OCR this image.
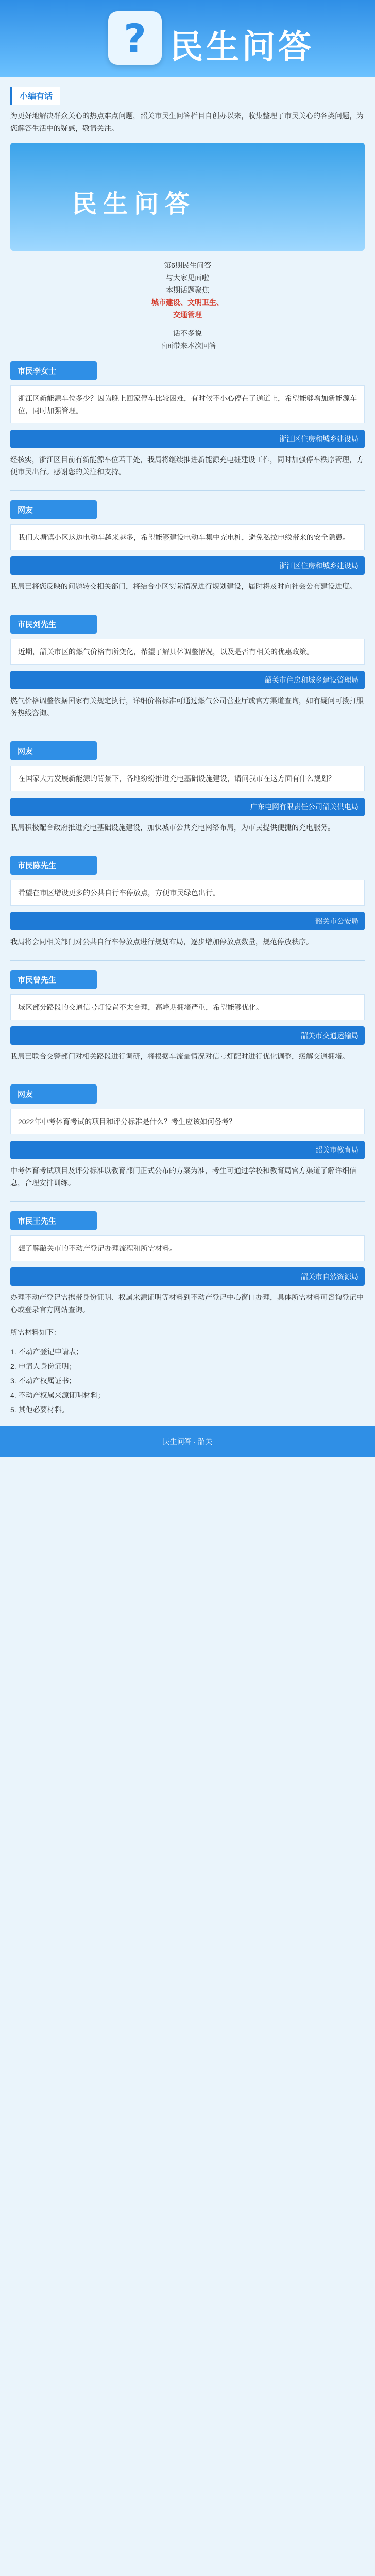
? 民生问答
小编有话

为更好地解决群众关心的热点难点问题，韶关市民生问答栏目自创办以来，收集整理了市民关心的各类问题，为您解答生活中的疑惑，敬请关注。

民生问答
第6期民生问答
与大家见面啦
本期话题聚焦
城市建设、文明卫生、
交通管理
话不多说
下面带来本次回答
市民李女士
浙江区新能源车位多少？因为晚上回家停车比较困难，有时候不小心停在了通道上，希望能够增加新能源车位，同时加强管理。
浙江区住房和城乡建设局
经核实，浙江区目前有新能源车位若干处，我局将继续推进新能源充电桩建设工作，同时加强停车秩序管理，方便市民出行。感谢您的关注和支持。
网友
我们大塘镇小区这边电动车越来越多，希望能够建设电动车集中充电桩，避免私拉电线带来的安全隐患。
浙江区住房和城乡建设局
我局已将您反映的问题转交相关部门，将结合小区实际情况进行规划建设，届时将及时向社会公布建设进度。
市民刘先生
近期，韶关市区的燃气价格有所变化，希望了解具体调整情况，以及是否有相关的优惠政策。
韶关市住房和城乡建设管理局
燃气价格调整依据国家有关规定执行，详细价格标准可通过燃气公司营业厅或官方渠道查询，如有疑问可拨打服务热线咨询。
网友
在国家大力发展新能源的背景下，各地纷纷推进充电基础设施建设，请问我市在这方面有什么规划？
广东电网有限责任公司韶关供电局
我局积极配合政府推进充电基础设施建设，加快城市公共充电网络布局，为市民提供便捷的充电服务。
市民陈先生
希望在市区增设更多的公共自行车停放点，方便市民绿色出行。
韶关市公安局
我局将会同相关部门对公共自行车停放点进行规划布局，逐步增加停放点数量，规范停放秩序。
市民曾先生
城区部分路段的交通信号灯设置不太合理，高峰期拥堵严重，希望能够优化。
韶关市交通运输局
我局已联合交警部门对相关路段进行调研，将根据车流量情况对信号灯配时进行优化调整，缓解交通拥堵。
网友
2022年中考体育考试的项目和评分标准是什么？考生应该如何备考？
韶关市教育局
中考体育考试项目及评分标准以教育部门正式公布的方案为准，考生可通过学校和教育局官方渠道了解详细信息，合理安排训练。
市民王先生
想了解韶关市的不动产登记办理流程和所需材料。
韶关市自然资源局
办理不动产登记需携带身份证明、权属来源证明等材料到不动产登记中心窗口办理，具体所需材料可咨询登记中心或登录官方网站查询。
所需材料如下：
1. 不动产登记申请表；
2. 申请人身份证明；
3. 不动产权属证书；
4. 不动产权属来源证明材料；
5. 其他必要材料。
民生问答 · 韶关
